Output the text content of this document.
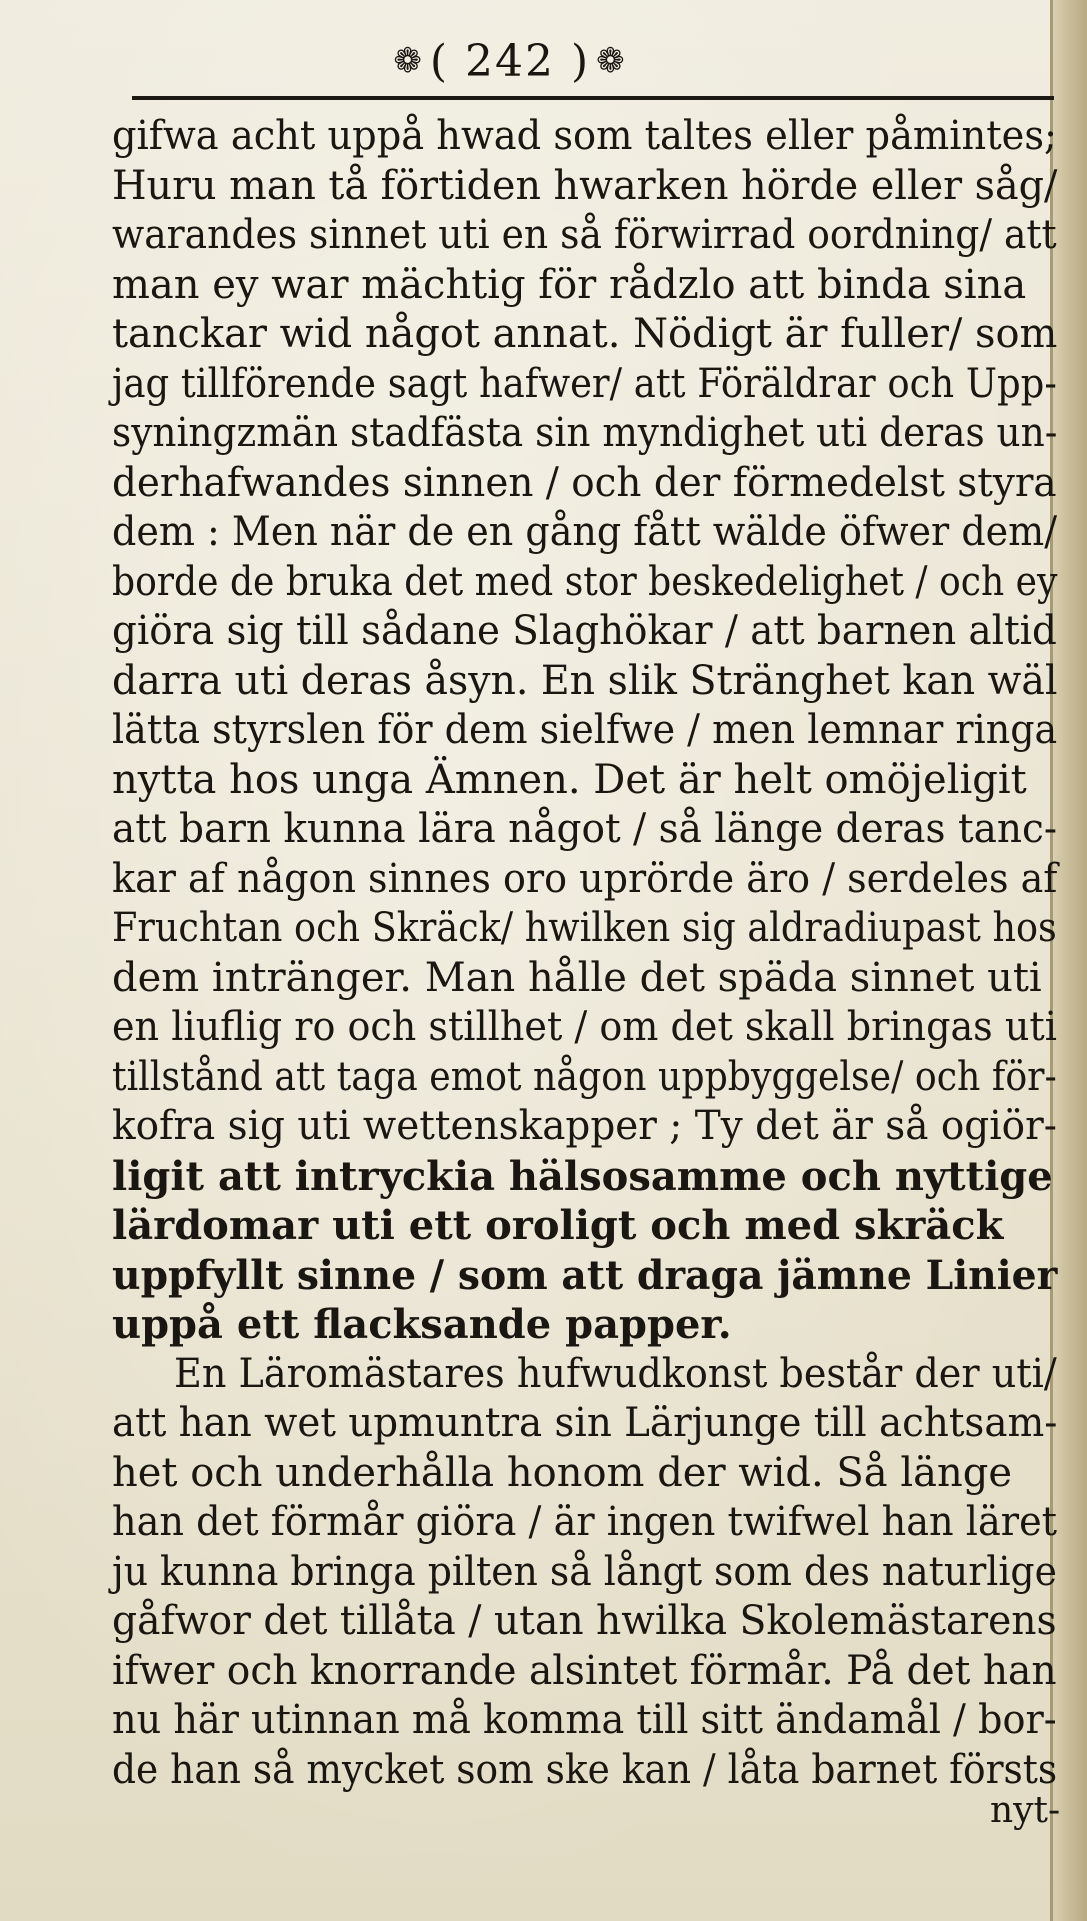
❁ ( 242 ) ❁
gifwa acht uppå hwad som taltes eller påmintes;
Huru man tå förtiden hwarken hörde eller såg/
warandes sinnet uti en så förwirrad oordning/ att
man ey war mächtig för rådzlo att binda sina
tanckar wid något annat. Nödigt är fuller/ som
jag tillförende sagt hafwer/ att Föräldrar och Upp-
syningzmän stadfästa sin myndighet uti deras un-
derhafwandes sinnen / och der förmedelst styra
dem : Men när de en gång fått wälde öfwer dem/
borde de bruka det med stor beskedelighet / och ey
giöra sig till sådane Slaghökar / att barnen altid
darra uti deras åsyn. En slik Stränghet kan wäl
lätta styrslen för dem sielfwe / men lemnar ringa
nytta hos unga Ämnen. Det är helt omöjeligit
att barn kunna lära något / så länge deras tanc-
kar af någon sinnes oro uprörde äro / serdeles af
Fruchtan och Skräck/ hwilken sig aldradiupast hos
dem intränger. Man hålle det späda sinnet uti
en liuflig ro och stillhet / om det skall bringas uti
tillstånd att taga emot någon uppbyggelse/ och för-
kofra sig uti wettenskapper ; Ty det är så ogiör-
ligit att intryckia hälsosamme och nyttige
lärdomar uti ett oroligt och med skräck
uppfyllt sinne / som att draga jämne Linier
uppå ett flacksande papper.
En Läromästares hufwudkonst består der uti/
att han wet upmuntra sin Lärjunge till achtsam-
het och underhålla honom der wid. Så länge
han det förmår giöra / är ingen twifwel han läret
ju kunna bringa pilten så långt som des naturlige
gåfwor det tillåta / utan hwilka Skolemästarens
ifwer och knorrande alsintet förmår. På det han
nu här utinnan må komma till sitt ändamål / bor-
de han så mycket som ske kan / låta barnet försts
nyt-
